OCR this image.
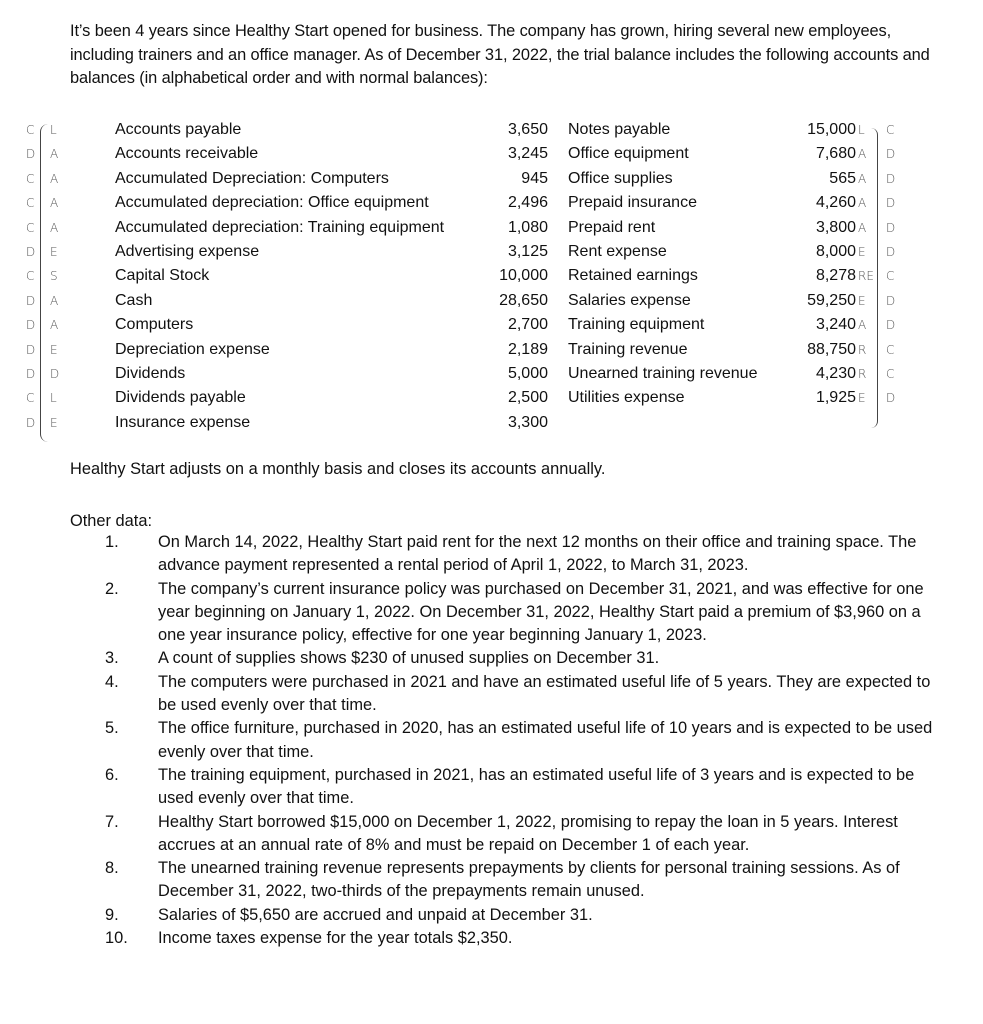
It’s been 4 years since Healthy Start opened for business. The company has grown, hiring several new employees, including trainers and an office manager. As of December 31, 2022, the trial balance includes the following accounts and balances (in alphabetical order and with normal balances):
C L	Accounts payable	3,650
D A	Accounts receivable	3,245
C A	Accumulated Depreciation: Computers	945
C A	Accumulated depreciation: Office equipment	2,496
C A	Accumulated depreciation: Training equipment	1,080
D E	Advertising expense	3,125
C S	Capital Stock	10,000
D A	Cash	28,650
D A	Computers	2,700
D E	Depreciation expense	2,189
D D	Dividends	5,000
C L	Dividends payable	2,500
D E	Insurance expense	3,300
Notes payable	15,000 L C
Office equipment	7,680 A D
Office supplies	565 A D
Prepaid insurance	4,260 A D
Prepaid rent	3,800 A D
Rent expense	8,000 E D
Retained earnings	8,278 RE C
Salaries expense	59,250 E D
Training equipment	3,240 A D
Training revenue	88,750 R C
Unearned training revenue	4,230 R C
Utilities expense	1,925 E D
Healthy Start adjusts on a monthly basis and closes its accounts annually.
Other data:
1.	On March 14, 2022, Healthy Start paid rent for the next 12 months on their office and training space. The advance payment represented a rental period of April 1, 2022, to March 31, 2023.
2.	The company’s current insurance policy was purchased on December 31, 2021, and was effective for one year beginning on January 1, 2022. On December 31, 2022, Healthy Start paid a premium of $3,960 on a one year insurance policy, effective for one year beginning January 1, 2023.
3.	A count of supplies shows $230 of unused supplies on December 31.
4.	The computers were purchased in 2021 and have an estimated useful life of 5 years. They are expected to be used evenly over that time.
5.	The office furniture, purchased in 2020, has an estimated useful life of 10 years and is expected to be used evenly over that time.
6.	The training equipment, purchased in 2021, has an estimated useful life of 3 years and is expected to be used evenly over that time.
7.	Healthy Start borrowed $15,000 on December 1, 2022, promising to repay the loan in 5 years. Interest accrues at an annual rate of 8% and must be repaid on December 1 of each year.
8.	The unearned training revenue represents prepayments by clients for personal training sessions. As of December 31, 2022, two-thirds of the prepayments remain unused.
9.	Salaries of $5,650 are accrued and unpaid at December 31.
10.	Income taxes expense for the year totals $2,350.
